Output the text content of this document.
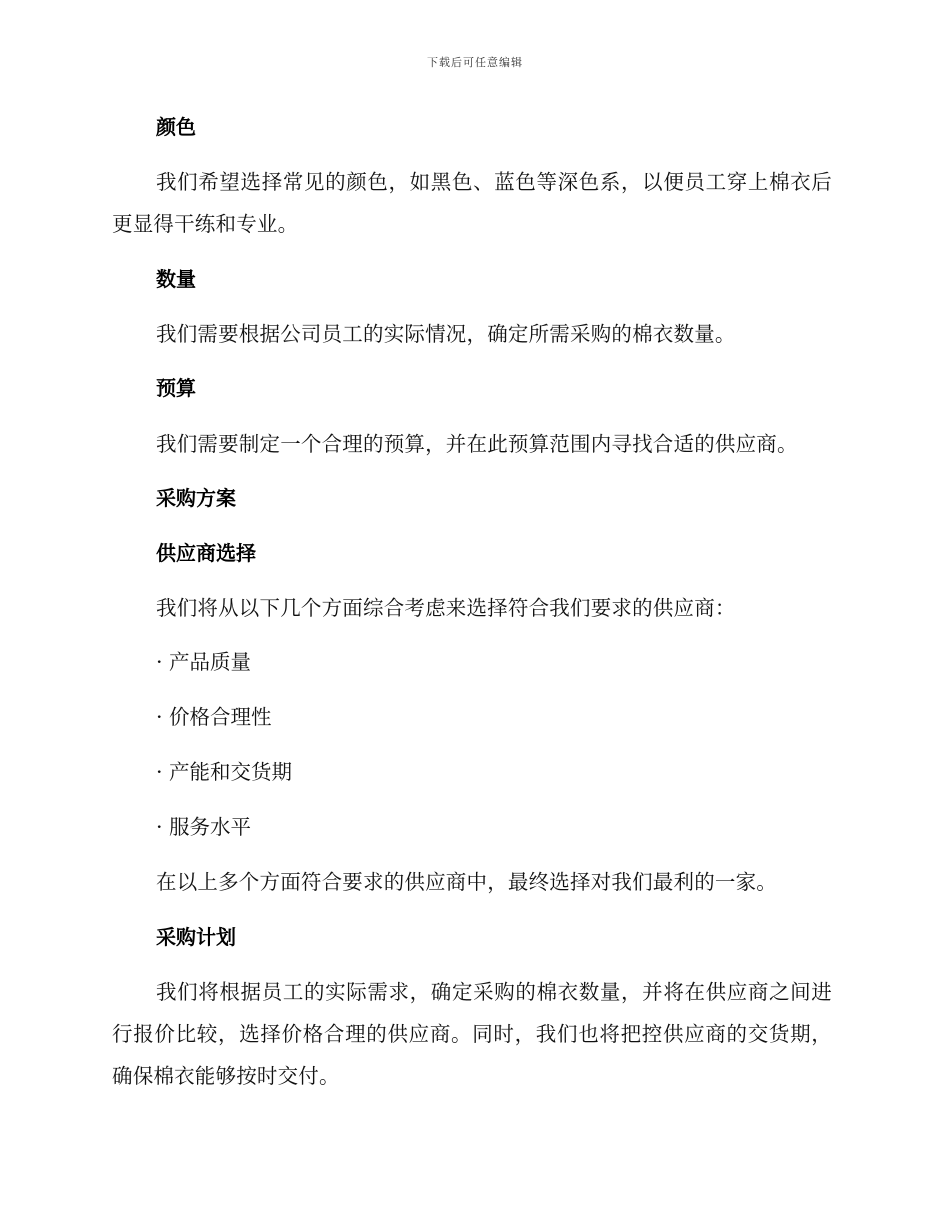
下载后可任意编辑
颜色

我们希望选择常见的颜色，如黑色、蓝色等深色系，以便员工穿上棉衣后更显得干练和专业。

数量

我们需要根据公司员工的实际情况，确定所需采购的棉衣数量。

预算

我们需要制定一个合理的预算，并在此预算范围内寻找合适的供应商。

采购方案
供应商选择

我们将从以下几个方面综合考虑来选择符合我们要求的供应商：

· 产品质量
· 价格合理性
· 产能和交货期
· 服务水平

在以上多个方面符合要求的供应商中，最终选择对我们最利的一家。

采购计划

我们将根据员工的实际需求，确定采购的棉衣数量，并将在供应商之间进行报价比较，选择价格合理的供应商。同时，我们也将把控供应商的交货期，确保棉衣能够按时交付。
